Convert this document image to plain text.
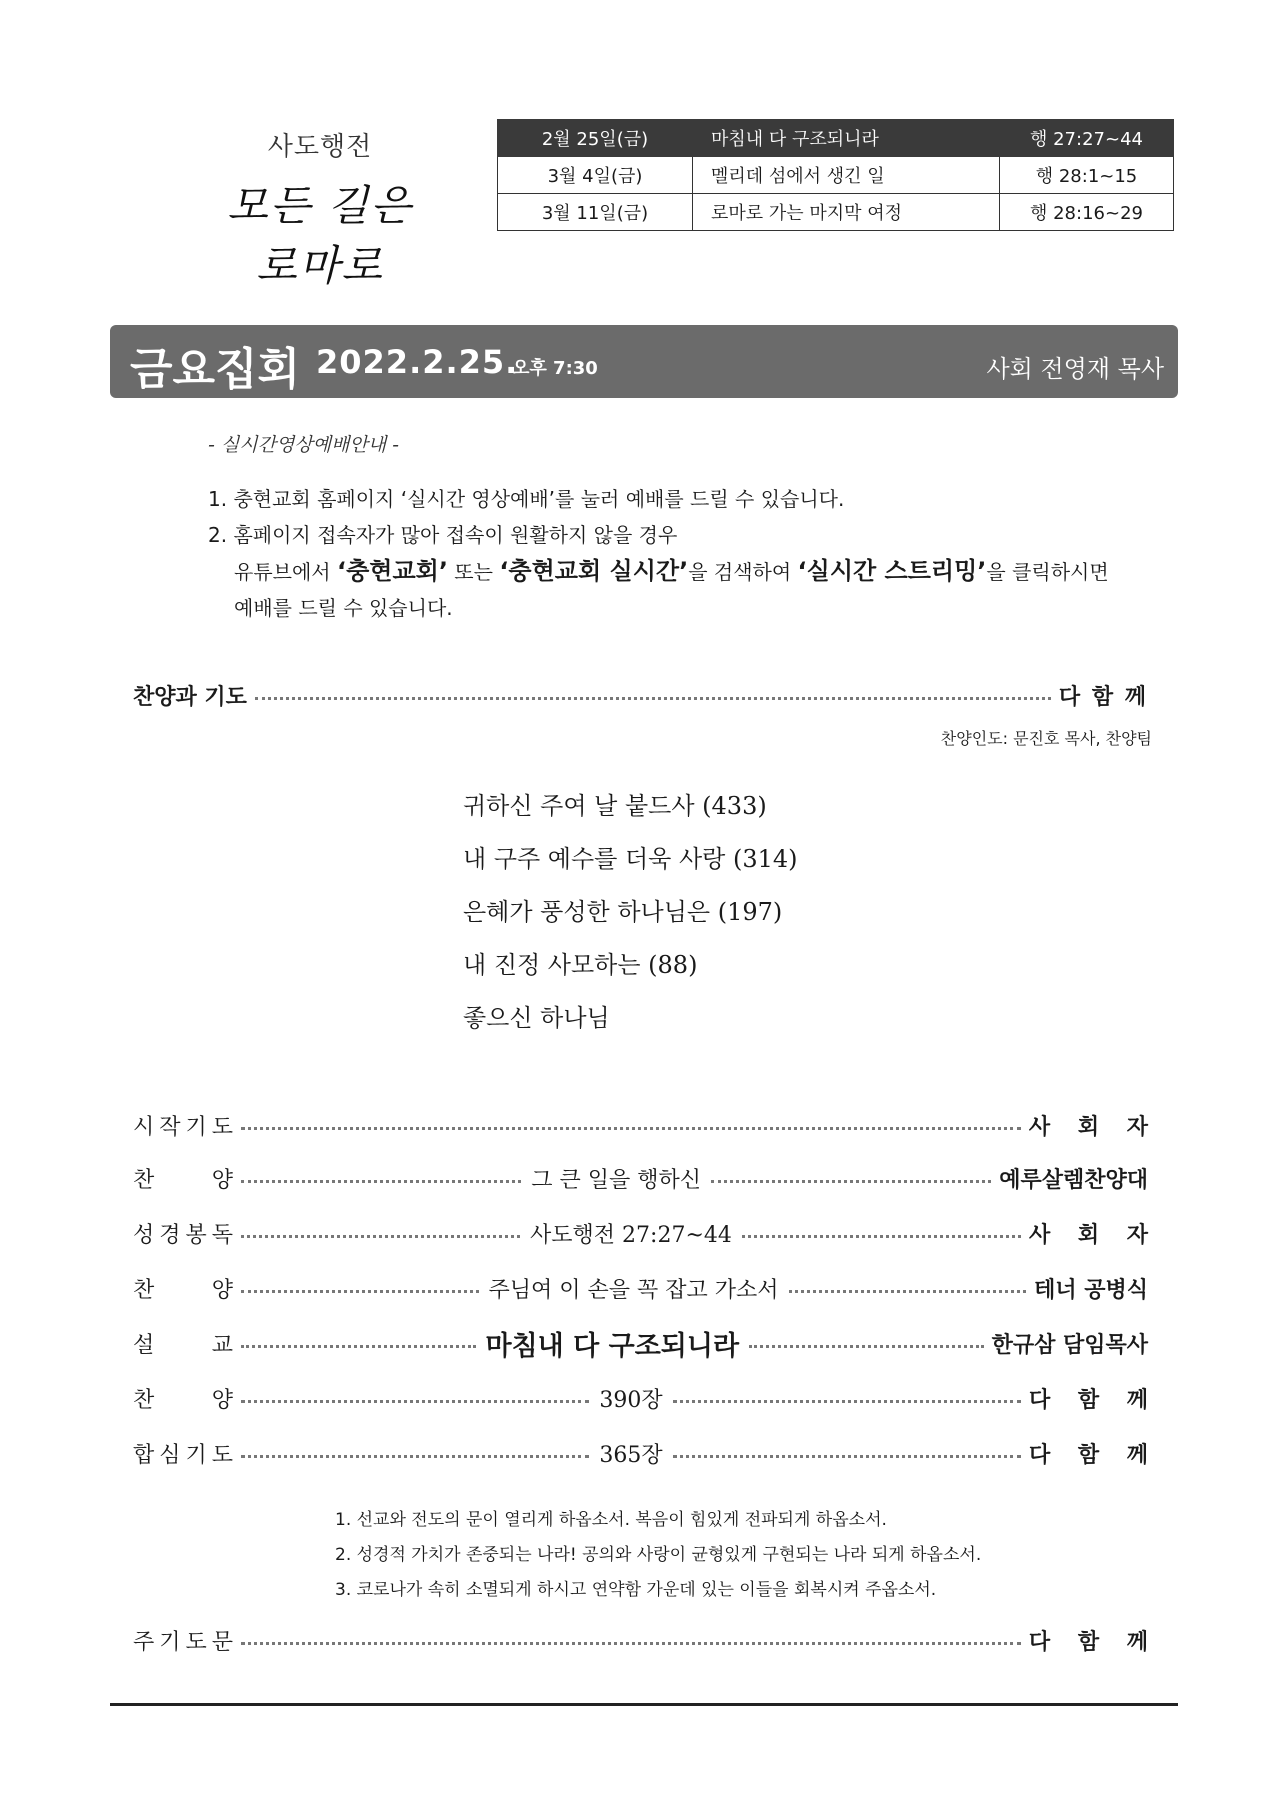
사도행전
모든 길은 로마로
2월 25일(금)	마침내 다 구조되니라	행 27:27~44
3월 4일(금)	멜리데 섬에서 생긴 일	행 28:1~15
3월 11일(금)	로마로 가는 마지막 여정	행 28:16~29
금요집회 2022.2.25.
오후 7:30	사회 전영재 목사
- 실시간영상예배안내 -
1. 충현교회 홈페이지 ‘실시간 영상예배’를 눌러 예배를 드릴 수 있습니다.
2. 홈페이지 접속자가 많아 접속이 원활하지 않을 경우
유튜브에서 ‘충현교회’ 또는 ‘충현교회 실시간’을 검색하여 ‘실시간 스트리밍’을 클릭하시면
예배를 드릴 수 있습니다.
찬양과 기도	다 함 께
찬양인도: 문진호 목사, 찬양팀
귀하신 주여 날 붙드사 (433)
내 구주 예수를 더욱 사랑 (314)
은혜가 풍성한 하나님은 (197)
내 진정 사모하는 (88)
좋으신 하나님
시 작 기 도	사 회 자
찬	양	그 큰 일을 행하신	예루살렘찬양대
성 경 봉 독	사도행전 27:27~44	사 회 자
찬	양	주님여 이 손을 꼭 잡고 가소서	테너 공병식
설	교	마침내 다 구조되니라	한규삼 담임목사
찬	양	390장	다 함 께
합 심 기 도	365장	다 함 께
1. 선교와 전도의 문이 열리게 하옵소서. 복음이 힘있게 전파되게 하옵소서.
2. 성경적 가치가 존중되는 나라! 공의와 사랑이 균형있게 구현되는 나라 되게 하옵소서.
3. 코로나가 속히 소멸되게 하시고 연약함 가운데 있는 이들을 회복시켜 주옵소서.
주 기 도 문	다 함 께
